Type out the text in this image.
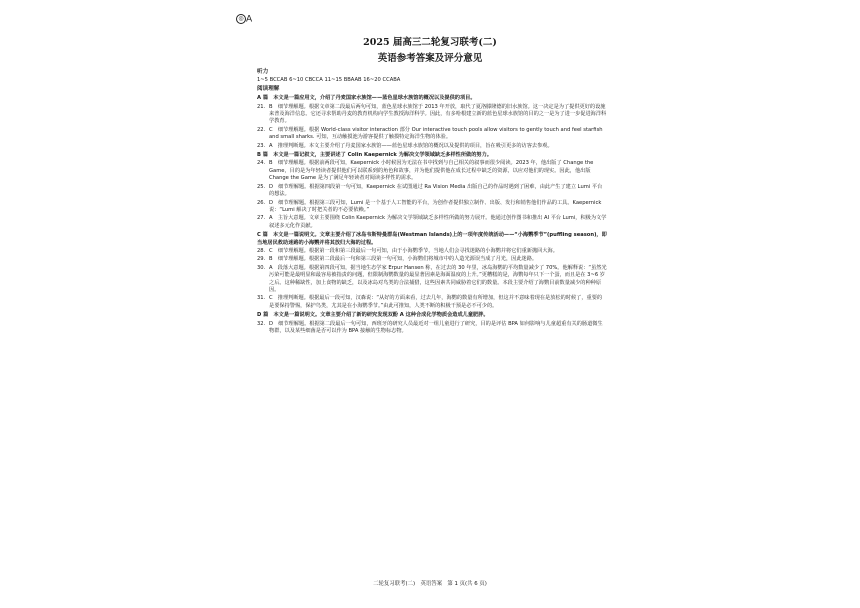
◎ A
2025 届高三二轮复习联考(二)
英语参考答案及评分意见
听力
1~5 BCCAB 6~10 CBCCA 11~15 BBAAB 16~20 CCABA
阅读理解
A 篇　本文是一篇应用文，介绍了丹麦国家水族馆——蓝色星球水族馆的概况以及提供的项目。
21. B　细节理解题。根据文章第二段最后两句可知，蓝色星球水族馆于 2013 年开放，取代了夏洛滕隆德的旧水族馆。这一决定是为了提供更好的设施来普及海洋信息。它还寻求帮助丹麦的教育机构向学生教授海洋科学。因此，有多哈根建立新的蓝色星球水族馆的目的之一是为了进一步促进海洋科学教育。
22. C　细节理解题。根据 World-class visitor interaction 部分 Our interactive touch pools allow visitors to gently touch and feel starfish and small sharks. 可知，互动触摸池为游客提供了触摸特定海洋生物的体验。
23. A　推理判断题。本文主要介绍了丹麦国家水族馆——蓝色星球水族馆的概况以及提供的项目，旨在吸引更多的访客去参观。
B 篇　本文是一篇记叙文，主要讲述了 Colin Kaepernick 为解决文学领域缺乏多样性所做的努力。
24. B　细节理解题。根据前两段可知，Kaepernick 小时候因为无法在书中找到与自己相关的叙事而很少阅读。2023 年，他出版了 Change the Game，目的是为年轻读者提供他们可以联系到的角色和故事，并为他们提供他在成长过程中缺乏的资源，以应对他们的现实。因此，他出版 Change the Game 是为了满足年轻读者对阅读多样性的需求。
25. D　细节理解题。根据第四段第一句可知，Kaepernick 在试图通过 Ra Vision Media 出版自己的作品时遇到了困难，由此产生了建立 Lumi 平台的想法。
26. D　细节理解题。根据第三段可知，Lumi 是一个基于人工智能的平台，为创作者提供独立制作、出版、发行和销售他们作品的工具。Kaepernick 说：“Lumi 解决了时把关者的不必要依赖。”
27. A　主旨大意题。文章主要围绕 Colin Kaepernick 为解决文学领域缺乏多样性所做的努力展开。他通过创作图书和推出 AI 平台 Lumi，积极为文学叙述多元化作贡献。
C 篇　本文是一篇说明文。文章主要介绍了冰岛韦斯特曼群岛(Westman Islands)上的一项年度传统活动——“小海鹦季节”(puffling season)，即当地居民救助迷路的小海鹦并将其放归大海的过程。
28. C　细节理解题。根据第一段和第三段最后一句可知，由于小海鹦季节，当地人们会寻找迷路的小海鹦并将它们重新抛回大海。
29. B　细节理解题。根据第二段最后一句和第三段第一句可知，小海鹦们将城市中的人造光源误当成了月光，因此迷路。
30. A　段落大意题。根据第四段可知，据当地生态学家 Erpur Hansen 称，在过去的 30 年里，冰岛海鹦的平均数量减少了 70%。他解释说：“虽然光污染可能是最明显和最容易被指责的问题，但限制海鹦数量的最显著因素是海面温度的上升。”更糟糕的是，海鹦每年只下一个蛋，而且是在 3~6 岁之后。这种稀缺性，加上食物的缺乏，以及冰岛对鸟类的合法捕猎，这些因素共同威胁着它们的数量。本段主要介绍了海鹦目前数量减少的种种原因。
31. C　推理判断题。根据最后一段可知，汉森说：“从好的方面来看，过去几年，海鹦的数量有所增加，但这并不意味着现在是放松的时候了，重要的是要保持警惕，保护鸟类，尤其是在小海鹦季节。”由此可推知，人类不断的积极干预是必不可少的。
D 篇　本文是一篇说明文。文章主要介绍了新的研究发现双酚 A 这种合成化学物质会造成儿童肥胖。
32. D　细节理解题。根据第二段最后一句可知，西班牙的研究人员最近对一组儿童进行了研究，目的是评估 BPA 如何影响与儿童超重有关的肠道微生物群，以及某些细菌是否可以作为 BPA 接触的生物标志物。
二轮复习联考(二)　英语答案　第 1 页(共 6 页)
